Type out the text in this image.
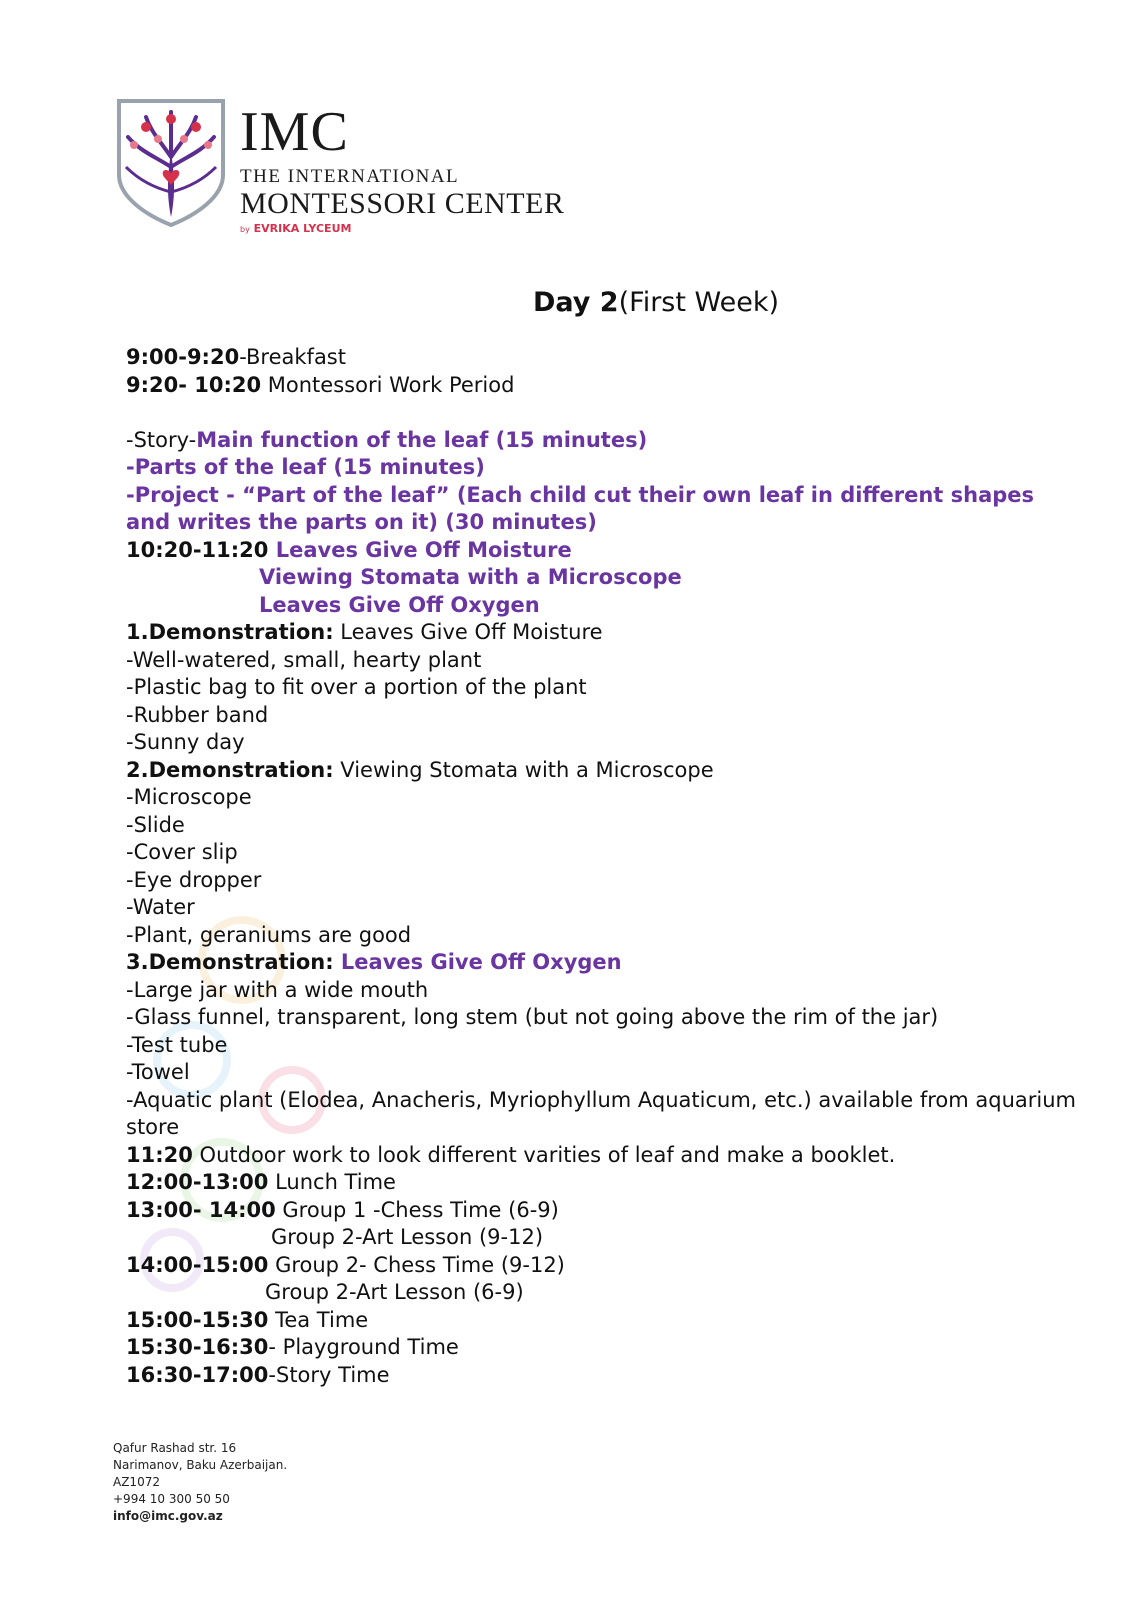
IMC
THE INTERNATIONAL
MONTESSORI CENTER
by EVRIKA LYCEUM
Day 2(First Week)
9:00-9:20-Breakfast
9:20- 10:20 Montessori Work Period
-Story-Main function of the leaf (15 minutes)
-Parts of the leaf (15 minutes)
-Project - “Part of the leaf” (Each child cut their own leaf in different shapes and writes the parts on it) (30 minutes)
10:20-11:20 Leaves Give Off Moisture
Viewing Stomata with a Microscope
Leaves Give Off Oxygen
1.Demonstration: Leaves Give Off Moisture
-Well-watered, small, hearty plant
-Plastic bag to fit over a portion of the plant
-Rubber band
-Sunny day
2.Demonstration: Viewing Stomata with a Microscope
-Microscope
-Slide
-Cover slip
-Eye dropper
-Water
-Plant, geraniums are good
3.Demonstration: Leaves Give Off Oxygen
-Large jar with a wide mouth
-Glass funnel, transparent, long stem (but not going above the rim of the jar)
-Test tube
-Towel
-Aquatic plant (Elodea, Anacheris, Myriophyllum Aquaticum, etc.) available from aquarium store
11:20 Outdoor work to look different varities of leaf and make a booklet.
12:00-13:00 Lunch Time
13:00- 14:00 Group 1 -Chess Time (6-9)
Group 2-Art Lesson (9-12)
14:00-15:00 Group 2- Chess Time (9-12)
Group 2-Art Lesson (6-9)
15:00-15:30 Tea Time
15:30-16:30- Playground Time
16:30-17:00-Story Time
Qafur Rashad str. 16
Narimanov, Baku Azerbaijan.
AZ1072
+994 10 300 50 50
info@imc.gov.az
